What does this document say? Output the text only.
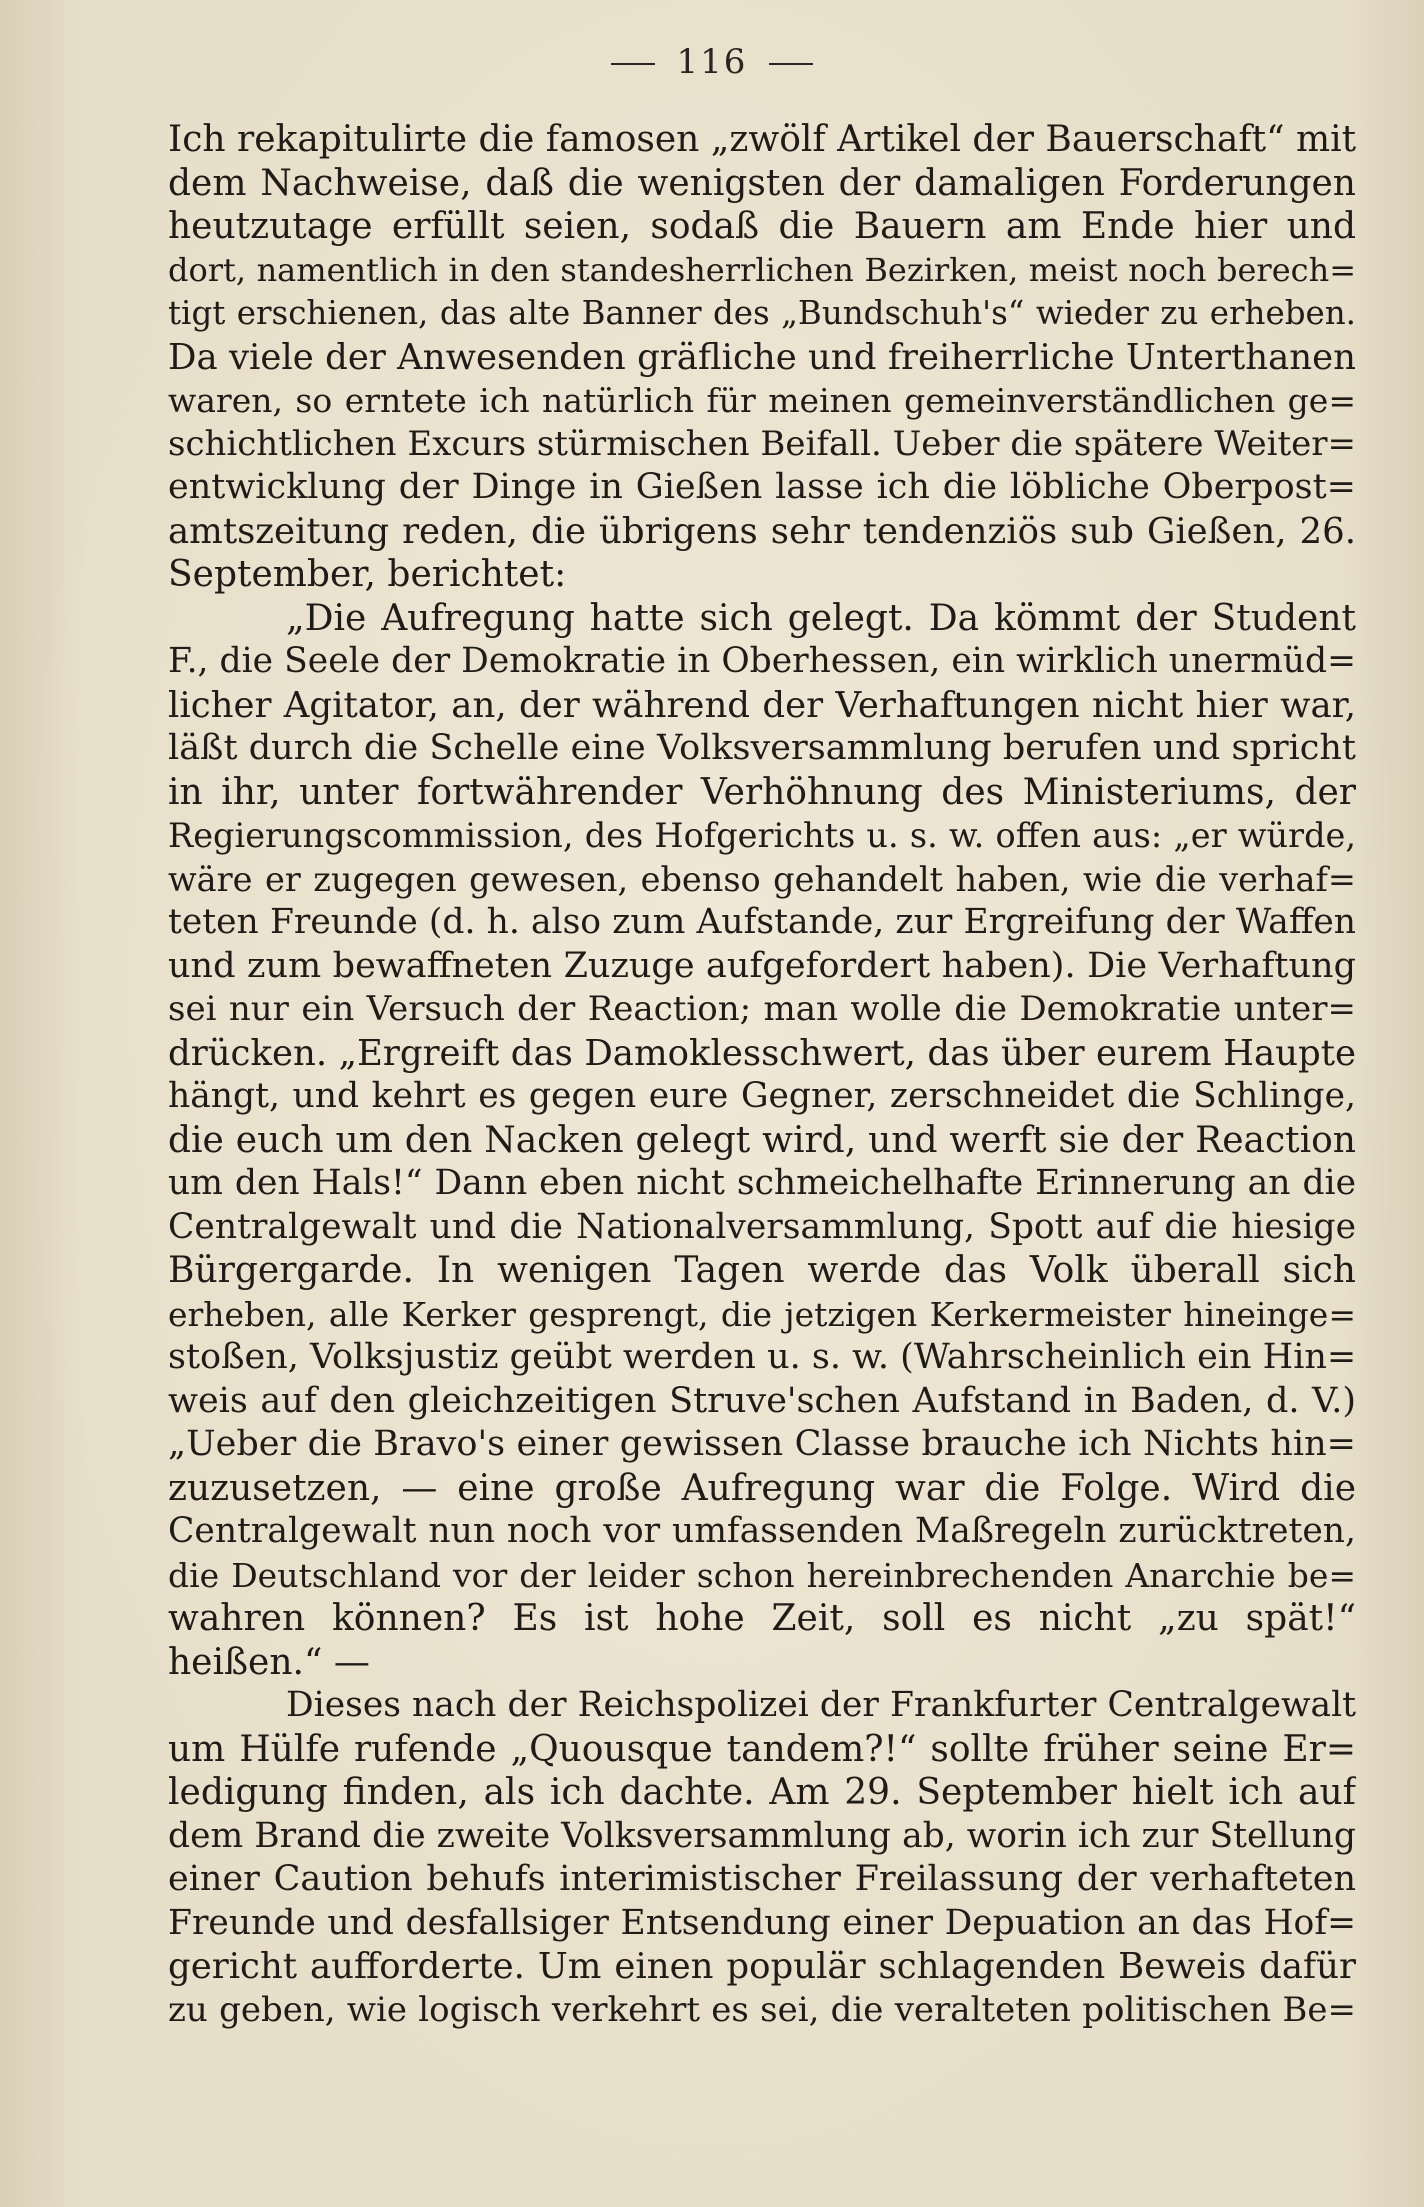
116
Ich rekapitulirte die famosen „zwölf Artikel der Bauerschaft“ mit
dem Nachweise, daß die wenigsten der damaligen Forderungen
heutzutage erfüllt seien, sodaß die Bauern am Ende hier und
dort, namentlich in den standesherrlichen Bezirken, meist noch berech=
tigt erschienen, das alte Banner des „Bundschuh's“ wieder zu erheben.
Da viele der Anwesenden gräfliche und freiherrliche Unterthanen
waren, so erntete ich natürlich für meinen gemeinverständlichen ge=
schichtlichen Excurs stürmischen Beifall. Ueber die spätere Weiter=
entwicklung der Dinge in Gießen lasse ich die löbliche Oberpost=
amtszeitung reden, die übrigens sehr tendenziös sub Gießen, 26.
September, berichtet:
„Die Aufregung hatte sich gelegt. Da kömmt der Student
F., die Seele der Demokratie in Oberhessen, ein wirklich unermüd=
licher Agitator, an, der während der Verhaftungen nicht hier war,
läßt durch die Schelle eine Volksversammlung berufen und spricht
in ihr, unter fortwährender Verhöhnung des Ministeriums, der
Regierungscommission, des Hofgerichts u. s. w. offen aus: „er würde,
wäre er zugegen gewesen, ebenso gehandelt haben, wie die verhaf=
teten Freunde (d. h. also zum Aufstande, zur Ergreifung der Waffen
und zum bewaffneten Zuzuge aufgefordert haben). Die Verhaftung
sei nur ein Versuch der Reaction; man wolle die Demokratie unter=
drücken. „Ergreift das Damoklesschwert, das über eurem Haupte
hängt, und kehrt es gegen eure Gegner, zerschneidet die Schlinge,
die euch um den Nacken gelegt wird, und werft sie der Reaction
um den Hals!“ Dann eben nicht schmeichelhafte Erinnerung an die
Centralgewalt und die Nationalversammlung, Spott auf die hiesige
Bürgergarde. In wenigen Tagen werde das Volk überall sich
erheben, alle Kerker gesprengt, die jetzigen Kerkermeister hineinge=
stoßen, Volksjustiz geübt werden u. s. w. (Wahrscheinlich ein Hin=
weis auf den gleichzeitigen Struve'schen Aufstand in Baden, d. V.)
„Ueber die Bravo's einer gewissen Classe brauche ich Nichts hin=
zuzusetzen, — eine große Aufregung war die Folge. Wird die
Centralgewalt nun noch vor umfassenden Maßregeln zurücktreten,
die Deutschland vor der leider schon hereinbrechenden Anarchie be=
wahren können? Es ist hohe Zeit, soll es nicht „zu spät!“
heißen.“ —
Dieses nach der Reichspolizei der Frankfurter Centralgewalt
um Hülfe rufende „Quousque tandem?!“ sollte früher seine Er=
ledigung finden, als ich dachte. Am 29. September hielt ich auf
dem Brand die zweite Volksversammlung ab, worin ich zur Stellung
einer Caution behufs interimistischer Freilassung der verhafteten
Freunde und desfallsiger Entsendung einer Depuation an das Hof=
gericht aufforderte. Um einen populär schlagenden Beweis dafür
zu geben, wie logisch verkehrt es sei, die veralteten politischen Be=
